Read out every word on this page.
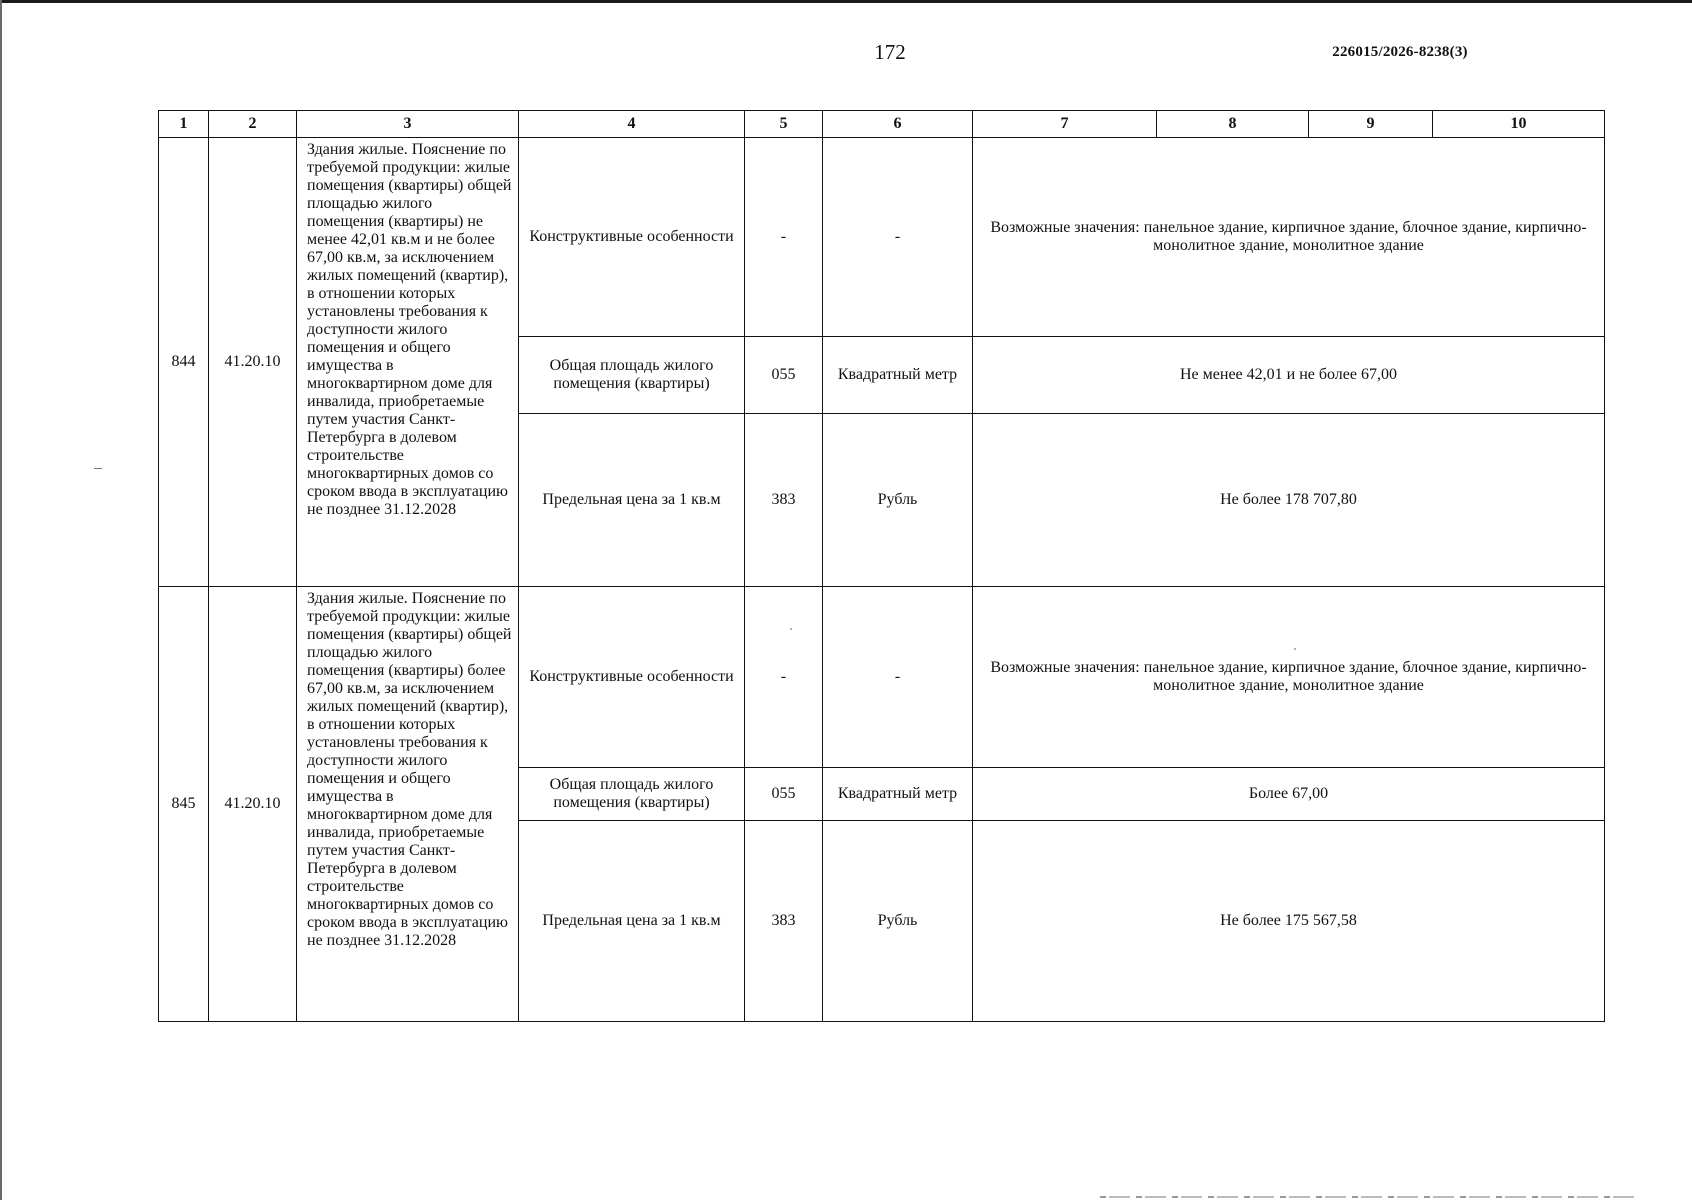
172	226015/2026-8238(3)
1	2	3	4	5	6	7	8	9	10
844	41.20.10	Здания жилые. Пояснение по требуемой продукции: жилые помещения (квартиры) общей площадью жилого помещения (квартиры) не менее 42,01 кв.м и не более 67,00 кв.м, за исключением жилых помещений (квартир), в отношении которых установлены требования к доступности жилого помещения и общего имущества в многоквартирном доме для инвалида, приобретаемые путем участия Санкт-Петербурга в долевом строительстве многоквартирных домов со сроком ввода в эксплуатацию не позднее 31.12.2028	Конструктивные особенности	-	-	Возможные значения: панельное здание, кирпичное здание, блочное здание, кирпично-монолитное здание, монолитное здание			
			Общая площадь жилого помещения (квартиры)	055	Квадратный метр	Не менее 42,01 и не более 67,00			
			Предельная цена за 1 кв.м	383	Рубль	Не более 178 707,80			
845	41.20.10	Здания жилые. Пояснение по требуемой продукции: жилые помещения (квартиры) общей площадью жилого помещения (квартиры) более 67,00 кв.м, за исключением жилых помещений (квартир), в отношении которых установлены требования к доступности жилого помещения и общего имущества в многоквартирном доме для инвалида, приобретаемые путем участия Санкт-Петербурга в долевом строительстве многоквартирных домов со сроком ввода в эксплуатацию не позднее 31.12.2028	Конструктивные особенности	-	-	Возможные значения: панельное здание, кирпичное здание, блочное здание, кирпично-монолитное здание, монолитное здание			
			Общая площадь жилого помещения (квартиры)	055	Квадратный метр	Более 67,00			
			Предельная цена за 1 кв.м	383	Рубль	Не более 175 567,58			
